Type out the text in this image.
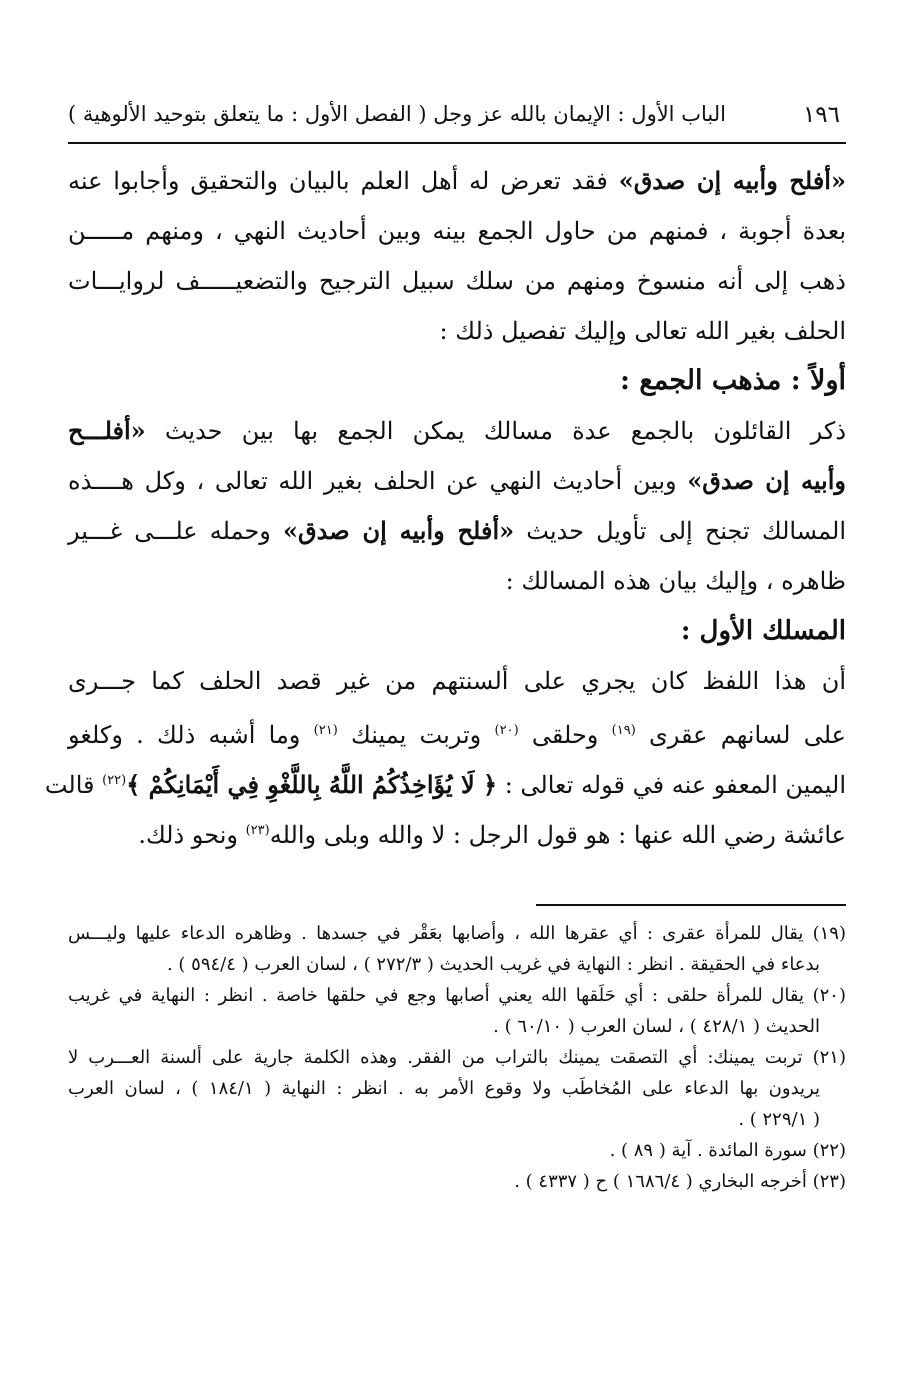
١٩٦
الباب الأول : الإيمان بالله عز وجل ( الفصل الأول : ما يتعلق بتوحيد الألوهية )
«أفلح وأبيه إن صدق» فقد تعرض له أهل العلم بالبيان والتحقيق وأجابوا عنه
بعدة أجوبة ، فمنهم من حاول الجمع بينه وبين أحاديث النهي ، ومنهم مـــــن
ذهب إلى أنه منسوخ ومنهم من سلك سبيل الترجيح والتضعيـــــف لروايـــات
الحلف بغير الله تعالى وإليك تفصيل ذلك :
أولاً : مذهب الجمع :
ذكر القائلون بالجمع عدة مسالك يمكن الجمع بها بين حديث «أفلـــح
وأبيه إن صدق» وبين أحاديث النهي عن الحلف بغير الله تعالى ، وكل هــــذه
المسالك تجنح إلى تأويل حديث «أفلح وأبيه إن صدق» وحمله علـــى غـــير
ظاهره ، وإليك بيان هذه المسالك :
المسلك الأول :
أن هذا اللفظ كان يجري على ألسنتهم من غير قصد الحلف كما جـــرى
على لسانهم عقرى $^{(١٩)}$ وحلقى $^{(٢٠)}$ وتربت يمينك $^{(٢١)}$ وما أشبه ذلك . وكلغو
اليمين المعفو عنه في قوله تعالى : ﴿ لَا يُؤَاخِذُكُمُ اللَّهُ بِاللَّغْوِ فِي أَيْمَانِكُمْ ﴾$^{(٢٢)}$ قالت
عائشة رضي الله عنها : هو قول الرجل : لا والله وبلى والله$^{(٢٣)}$ ونحو ذلك.
(١٩) يقال للمرأة عقرى : أي عقرها الله ، وأصابها بعَقْر في جسدها . وظاهره الدعاء عليها وليـــس
بدعاء في الحقيقة . انظر : النهاية في غريب الحديث ( ٢٧٢/٣ ) ، لسان العرب ( ٥٩٤/٤ ) .
(٢٠) يقال للمرأة حلقى : أي حَلَقها الله يعني أصابها وجع في حلقها خاصة . انظر : النهاية في غريب
الحديث ( ٤٢٨/١ ) ، لسان العرب ( ٦٠/١٠ ) .
(٢١) تربت يمينك: أي التصقت يمينك بالتراب من الفقر. وهذه الكلمة جارية على ألسنة العـــرب لا
يريدون بها الدعاء على المُخاطَب ولا وقوع الأمر به . انظر : النهاية ( ١٨٤/١ ) ، لسان العرب
( ٢٢٩/١ ) .
(٢٢) سورة المائدة . آية ( ٨٩ ) .
(٢٣) أخرجه البخاري ( ١٦٨٦/٤ ) ح ( ٤٣٣٧ ) .
